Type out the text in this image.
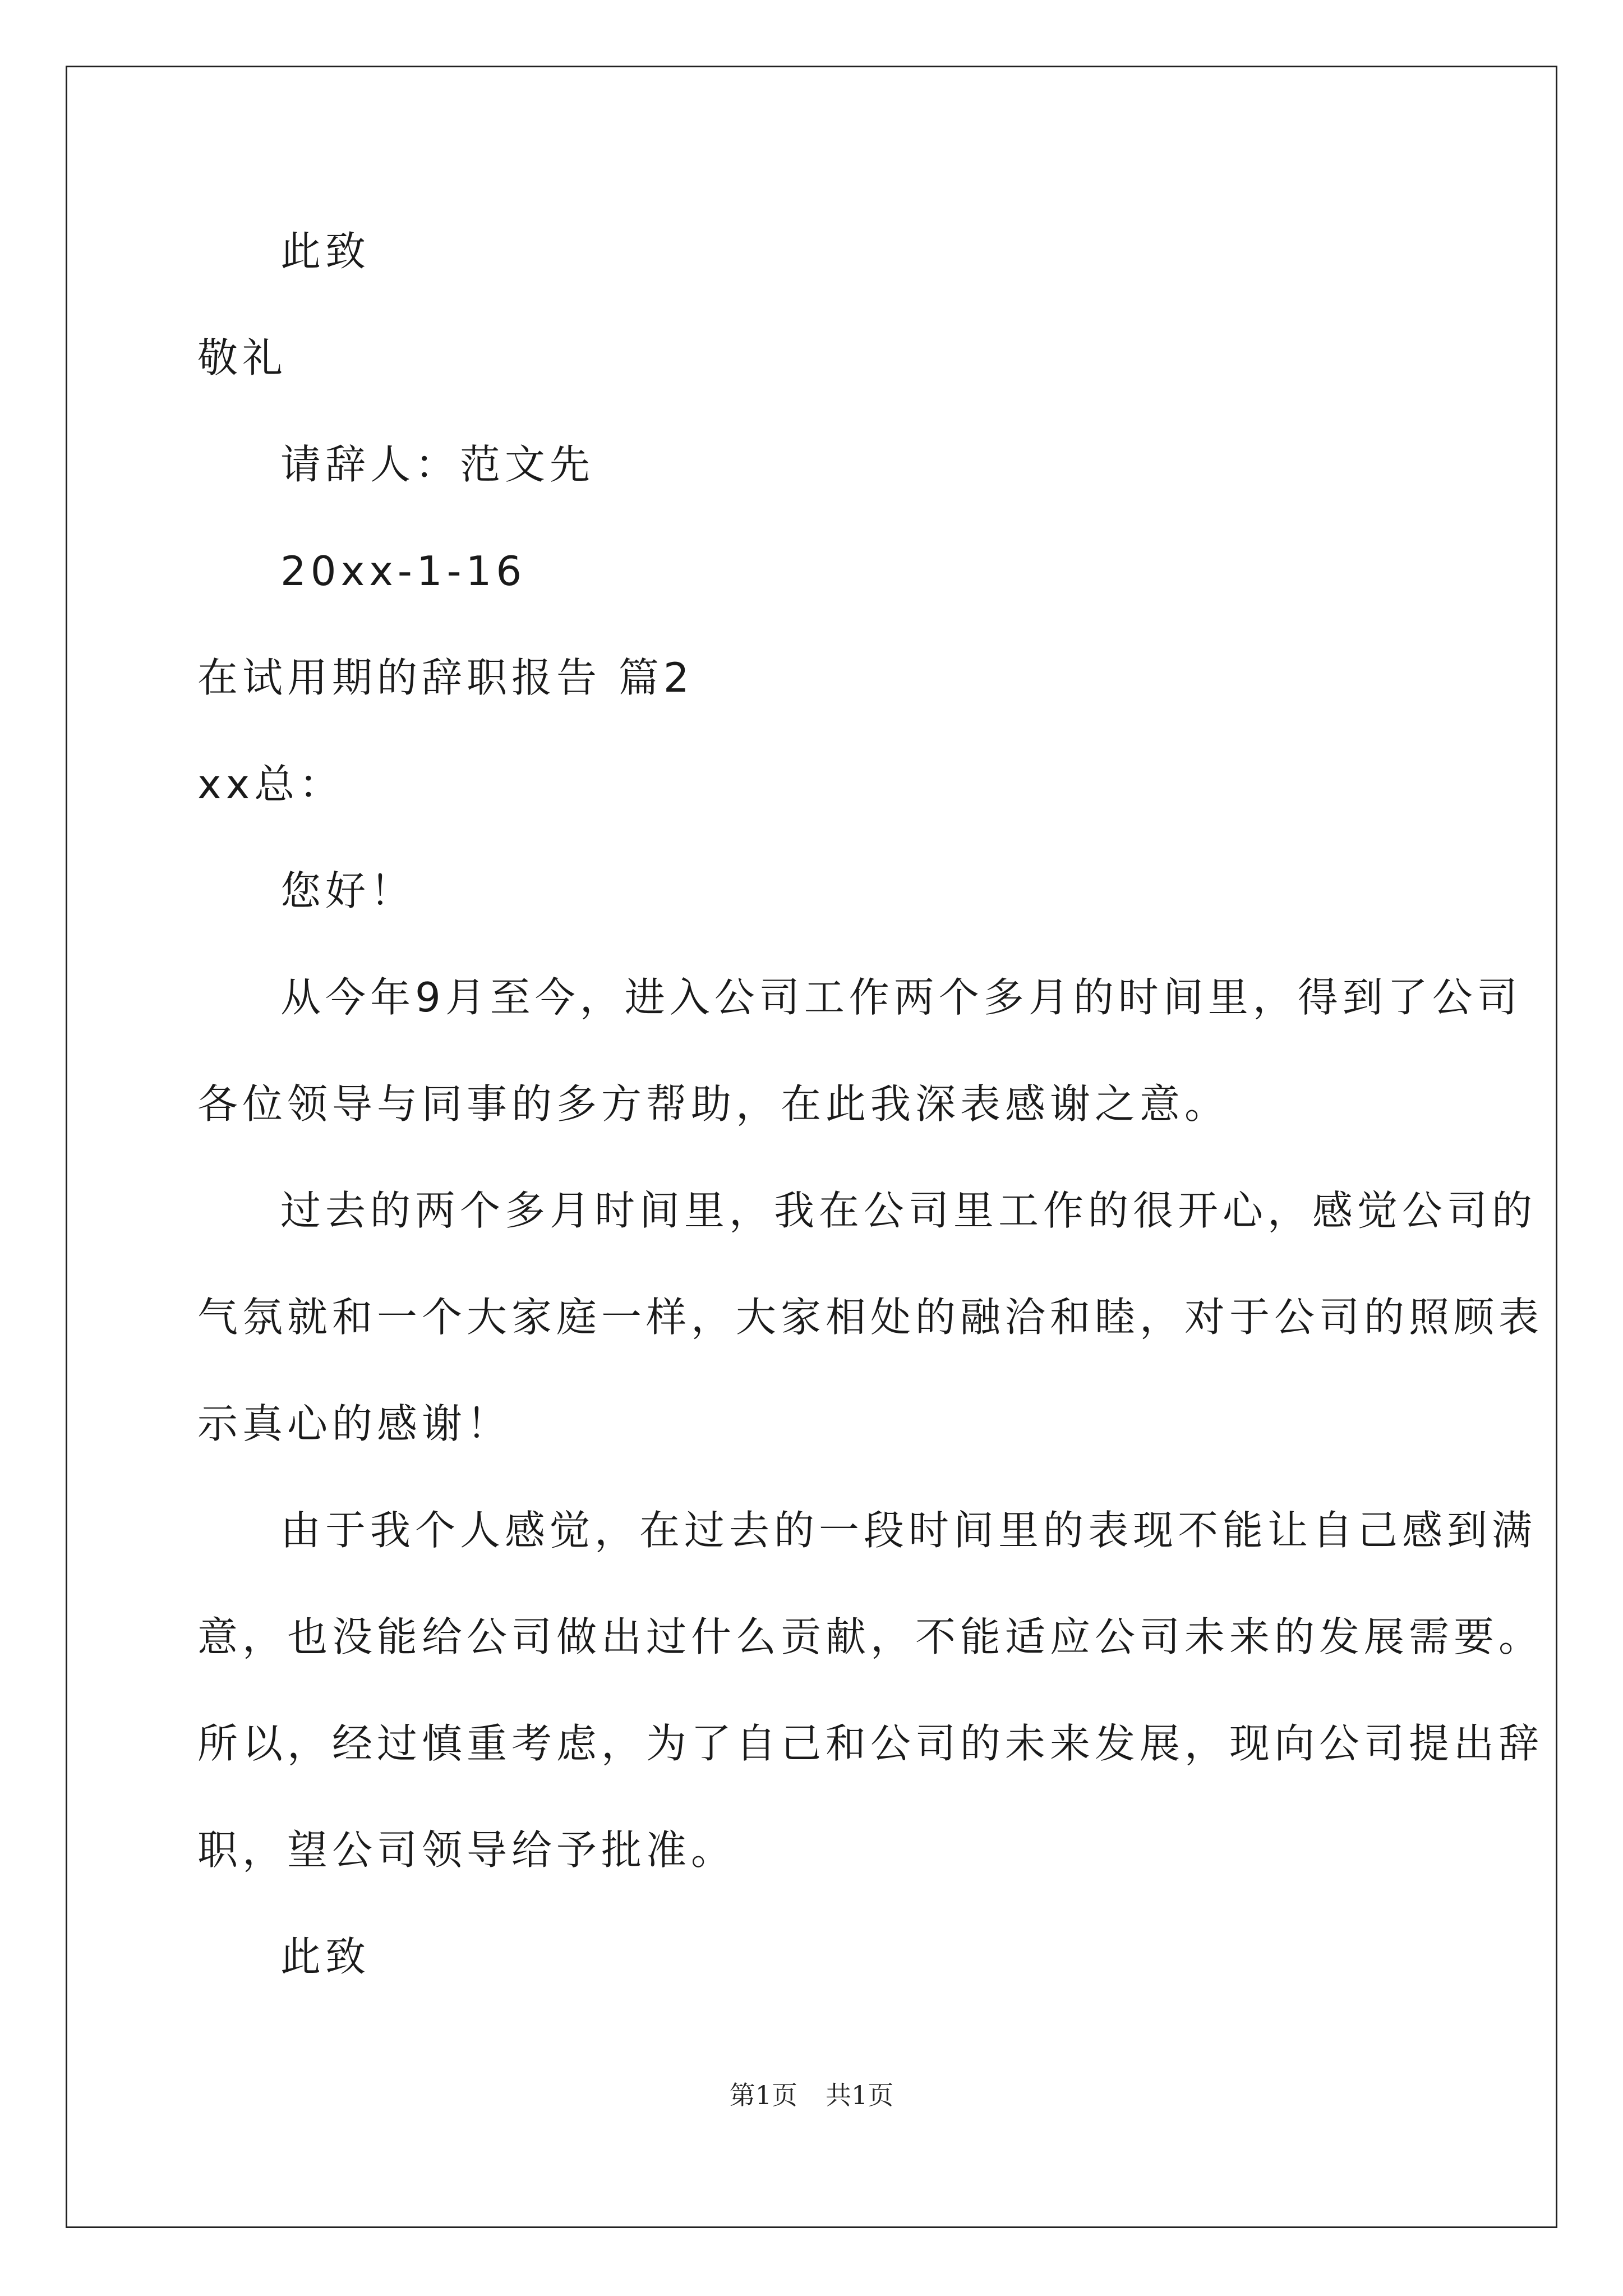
此致
敬礼
请辞人：范文先
20xx-1-16
在试用期的辞职报告 篇2
xx总：
您好！
从今年9月至今，进入公司工作两个多月的时间里，得到了公司
各位领导与同事的多方帮助，在此我深表感谢之意。
过去的两个多月时间里，我在公司里工作的很开心，感觉公司的
气氛就和一个大家庭一样，大家相处的融洽和睦，对于公司的照顾表
示真心的感谢！
由于我个人感觉，在过去的一段时间里的表现不能让自己感到满
意，也没能给公司做出过什么贡献，不能适应公司未来的发展需要。
所以，经过慎重考虑，为了自己和公司的未来发展，现向公司提出辞
职，望公司领导给予批准。
此致
第1页 共1页
